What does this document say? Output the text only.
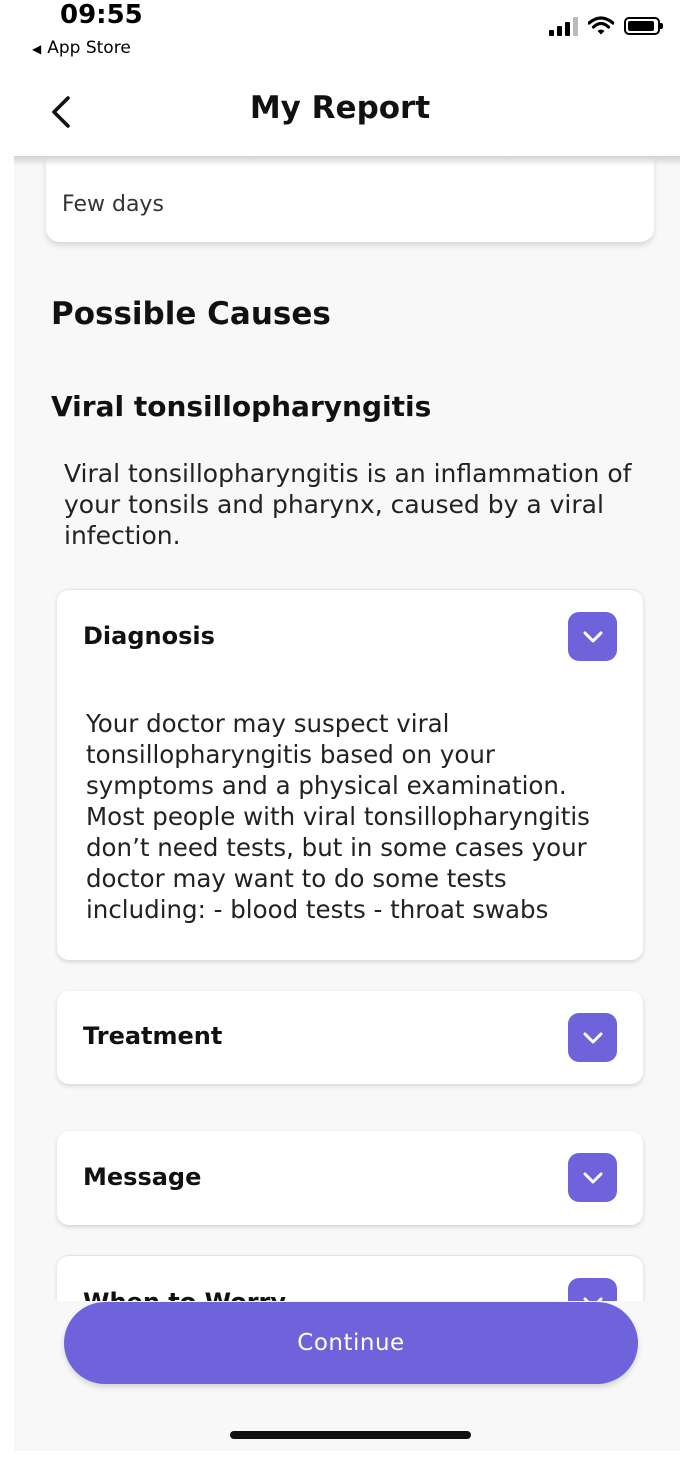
09:55
◀ App Store
My Report
Few days
Possible Causes
Viral tonsillopharyngitis
Viral tonsillopharyngitis is an inflammation of your tonsils and pharynx, caused by a viral infection.
Diagnosis
Your doctor may suspect viral tonsillopharyngitis based on your symptoms and a physical examination. Most people with viral tonsillopharyngitis don’t need tests, but in some cases your doctor may want to do some tests including: - blood tests - throat swabs
Treatment
Message
Continue
